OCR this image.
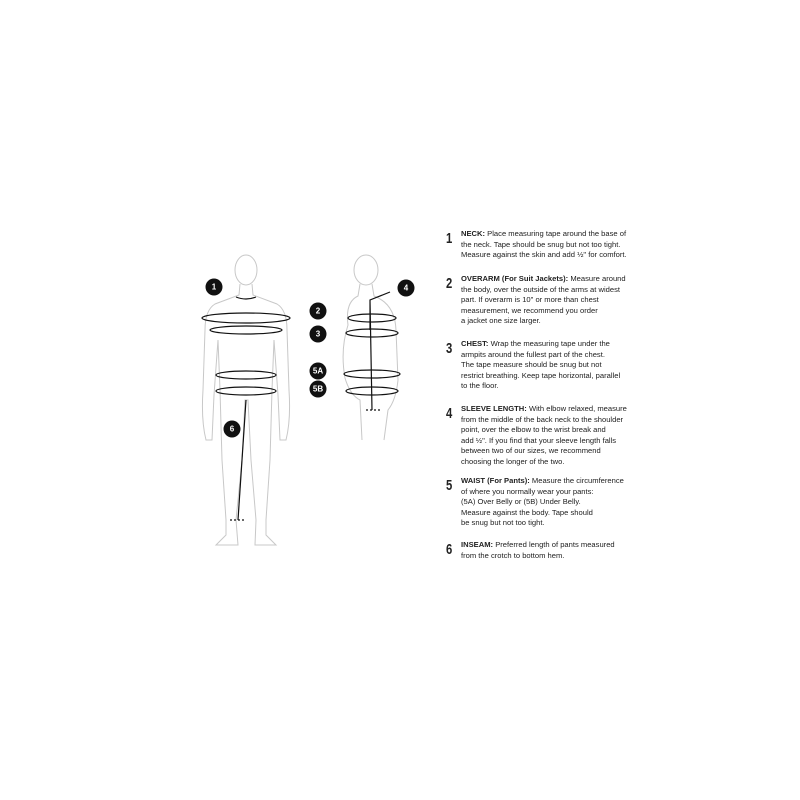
1
2
3
5A
5B
6
4
1 NECK: Place measuring tape around the base of
the neck. Tape should be snug but not too tight.
Measure against the skin and add ½" for comfort.
2 OVERARM (For Suit Jackets): Measure around
the body, over the outside of the arms at widest
part. If overarm is 10" or more than chest
measurement, we recommend you order
a jacket one size larger.
3 CHEST: Wrap the measuring tape under the
armpits around the fullest part of the chest.
The tape measure should be snug but not
restrict breathing. Keep tape horizontal, parallel
to the floor.
4 SLEEVE LENGTH: With elbow relaxed, measure
from the middle of the back neck to the shoulder
point, over the elbow to the wrist break and
add ½". If you find that your sleeve length falls
between two of our sizes, we recommend
choosing the longer of the two.
5 WAIST (For Pants): Measure the circumference
of where you normally wear your pants:
(5A) Over Belly or (5B) Under Belly.
Measure against the body. Tape should
be snug but not too tight.
6 INSEAM: Preferred length of pants measured
from the crotch to bottom hem.
